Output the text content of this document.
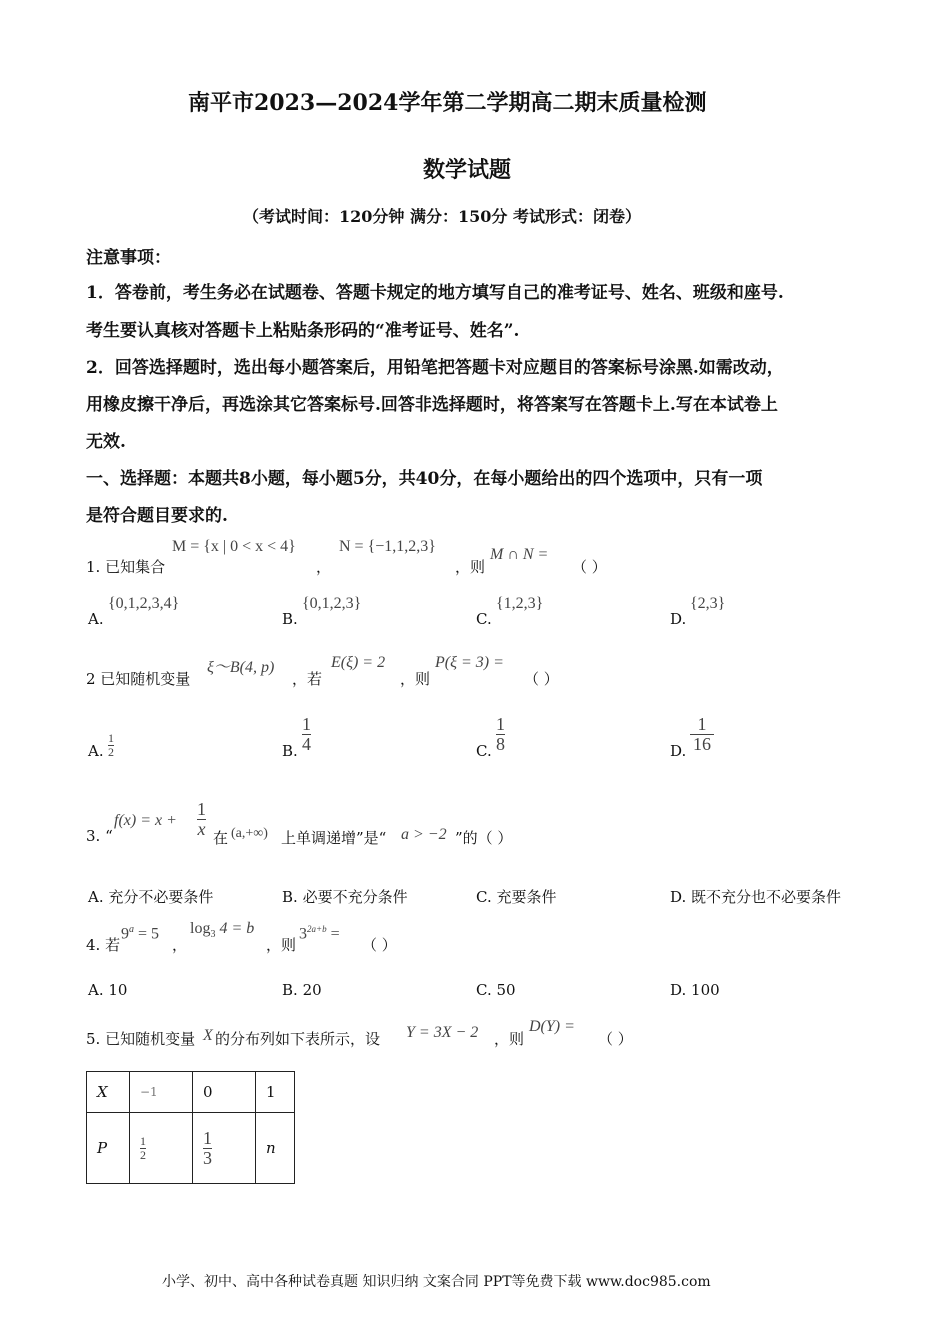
南平市2023—2024学年第二学期高二期末质量检测
数学试题
（考试时间：120分钟 满分：150分 考试形式：闭卷）
注意事项：
1．答卷前，考生务必在试题卷、答题卡规定的地方填写自己的准考证号、姓名、班级和座号.
考生要认真核对答题卡上粘贴条形码的“准考证号、姓名”.
2．回答选择题时，选出每小题答案后，用铅笔把答题卡对应题目的答案标号涂黑.如需改动，
用橡皮擦干净后，再选涂其它答案标号.回答非选择题时，将答案写在答题卡上.写在本试卷上
无效.
一、选择题：本题共8小题，每小题5分，共40分，在每小题给出的四个选项中，只有一项
是符合题目要求的.
1. 已知集合
M = {x | 0 < x < 4}
，
N = {−1,1,2,3}
，则
M ∩ N =
（ ）
A.
{0,1,2,3,4}
B.
{0,1,2,3}
C.
{1,2,3}
D.
{2,3}
2 已知随机变量
ξ～B(4, p)
，若
E(ξ) = 2
，则
P(ξ = 3) =
（ ）
A.
1
2	B.
1
4	C.
1
8	D.
1
16
3. “
f(x) = x +
1
x 在 (a,+∞) 上单调递增”是“ a > −2 ”的（ ）
A. 充分不必要条件	B. 必要不充分条件	C. 充要条件	D. 既不充分也不必要条件
4. 若
$9^a = 5$
，
$\log_3 4 = b$
，则
$3^{2a+b}$ =
（ ）
A. 10	B. 20	C. 50	D. 100
5. 已知随机变量 X 的分布列如下表所示，设 Y = 3X − 2 ，则
D(Y) =
（ ）
X	−1	0	1
P	$\frac{1}{2}$	$\frac{1}{3}$	n
小学、初中、高中各种试卷真题 知识归纳 文案合同 PPT等免费下载 www.doc985.com
